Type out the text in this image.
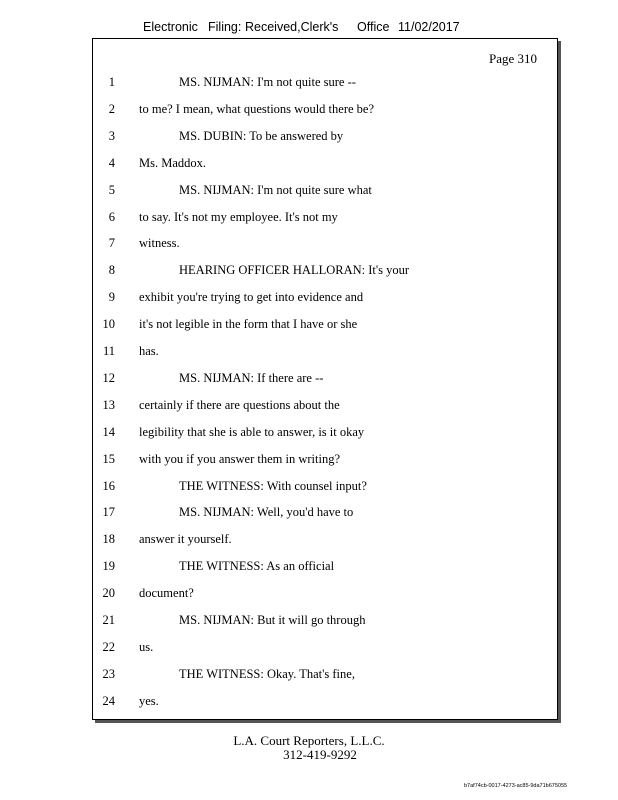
Electronic Filing: Received,Clerk's Office 11/02/2017
Page 310
1	MS. NIJMAN: I'm not quite sure --
2 to me? I mean, what questions would there be?
3	MS. DUBIN: To be answered by
4 Ms. Maddox.
5	MS. NIJMAN: I'm not quite sure what
6 to say. It's not my employee. It's not my
7 witness.
8	HEARING OFFICER HALLORAN: It's your
9 exhibit you're trying to get into evidence and
10 it's not legible in the form that I have or she
11 has.
12	MS. NIJMAN: If there are --
13 certainly if there are questions about the
14 legibility that she is able to answer, is it okay
15 with you if you answer them in writing?
16	THE WITNESS: With counsel input?
17	MS. NIJMAN: Well, you'd have to
18 answer it yourself.
19	THE WITNESS: As an official
20 document?
21	MS. NIJMAN: But it will go through
22 us.
23	THE WITNESS: Okay. That's fine,
24 yes.
L.A. Court Reporters, L.L.C.
312-419-9292
b7af74cb-0017-4273-ac85-9da71b675055
